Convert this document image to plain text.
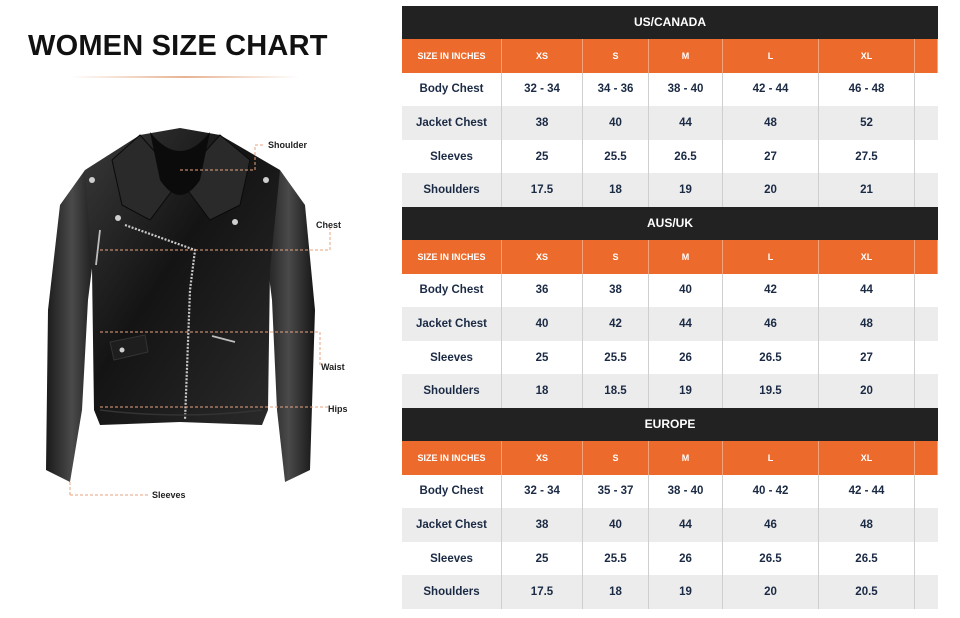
WOMEN SIZE CHART
Shoulder
Chest
Waist
Hips
Sleeves
US/CANADA
SIZE IN INCHES	XS	S	M	L	XL
Body Chest	32 - 34	34 - 36	38 - 40	42 - 44	46 - 48
Jacket Chest	38	40	44	48	52
Sleeves	25	25.5	26.5	27	27.5
Shoulders	17.5	18	19	20	21
AUS/UK
SIZE IN INCHES	XS	S	M	L	XL
Body Chest	36	38	40	42	44
Jacket Chest	40	42	44	46	48
Sleeves	25	25.5	26	26.5	27
Shoulders	18	18.5	19	19.5	20
EUROPE
SIZE IN INCHES	XS	S	M	L	XL
Body Chest	32 - 34	35 - 37	38 - 40	40 - 42	42 - 44
Jacket Chest	38	40	44	46	48
Sleeves	25	25.5	26	26.5	26.5
Shoulders	17.5	18	19	20	20.5
